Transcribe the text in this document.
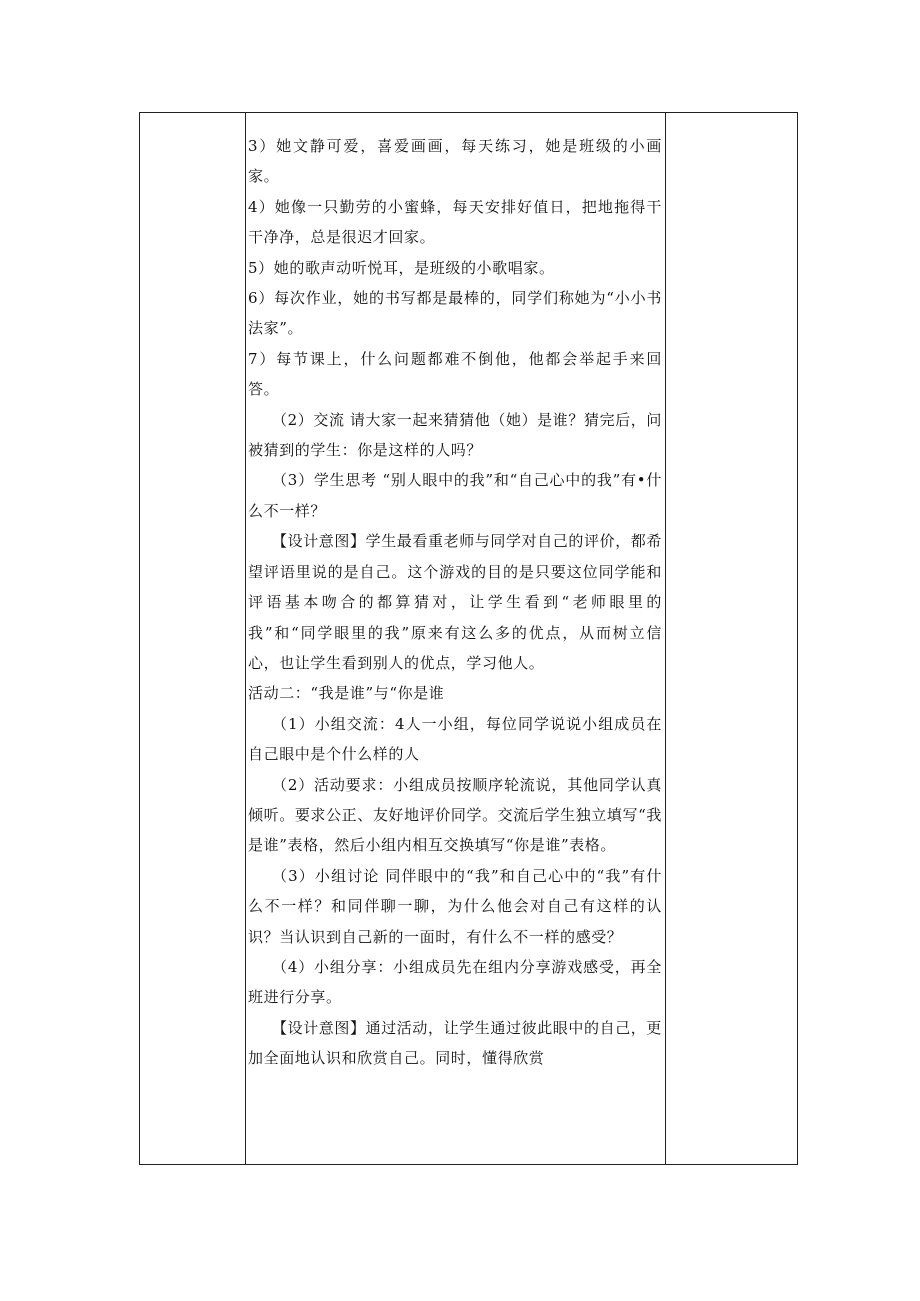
3）她文静可爱，喜爱画画，每天练习，她是班级的小画家。

4）她像一只勤劳的小蜜蜂，每天安排好值日，把地拖得干干净净，总是很迟才回家。

5）她的歌声动听悦耳，是班级的小歌唱家。

6）每次作业，她的书写都是最棒的，同学们称她为“小小书法家”。

7）每节课上，什么问题都难不倒他，他都会举起手来回答。

（2）交流 请大家一起来猜猜他（她）是谁？猜完后，问被猜到的学生：你是这样的人吗？

（3）学生思考 “别人眼中的我”和“自己心中的我”有•什么不一样？

【设计意图】学生最看重老师与同学对自己的评价，都希望评语里说的是自己。这个游戏的目的是只要这位同学能和评语基本吻合的都算猜对，让学生看到“老师眼里的我”和“同学眼里的我”原来有这么多的优点，从而树立信心，也让学生看到别人的优点，学习他人。

活动二：“我是谁”与“你是谁

（1）小组交流：4人一小组，每位同学说说小组成员在自己眼中是个什么样的人

（2）活动要求：小组成员按顺序轮流说，其他同学认真倾听。要求公正、友好地评价同学。交流后学生独立填写“我是谁”表格，然后小组内相互交换填写“你是谁”表格。

（3）小组讨论 同伴眼中的“我”和自己心中的“我”有什么不一样？和同伴聊一聊，为什么他会对自己有这样的认识？当认识到自己新的一面时，有什么不一样的感受？

（4）小组分享：小组成员先在组内分享游戏感受，再全班进行分享。

【设计意图】通过活动，让学生通过彼此眼中的自己，更加全面地认识和欣赏自己。同时，懂得欣赏
